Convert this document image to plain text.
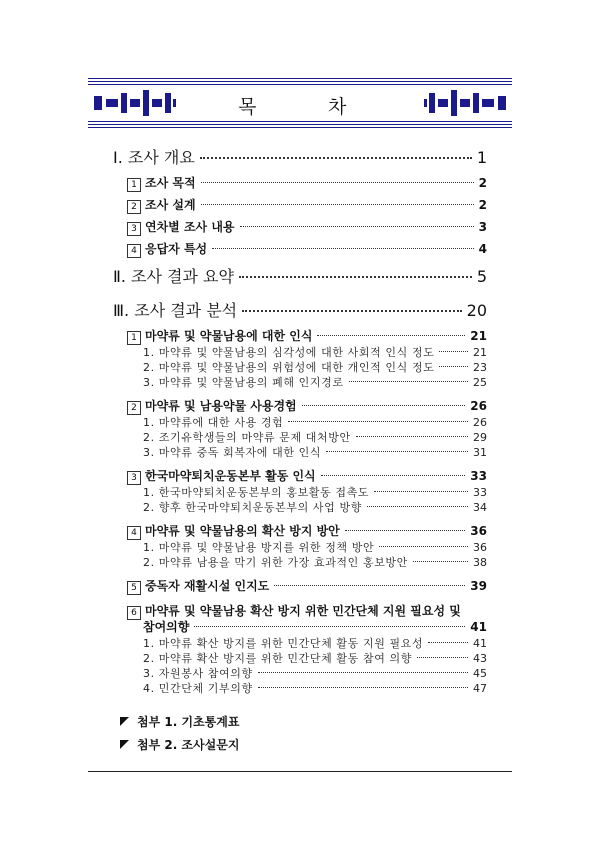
목	차
Ⅰ. 조사 개요	1
1 조사 목적	2
2 조사 설계	2
3 연차별 조사 내용	3
4 응답자 특성	4
Ⅱ. 조사 결과 요약	5
Ⅲ. 조사 결과 분석	20
1 마약류 및 약물남용에 대한 인식	21
1. 마약류 및 약물남용의 심각성에 대한 사회적 인식 정도	21
2. 마약류 및 약물남용의 위험성에 대한 개인적 인식 정도	23
3. 마약류 및 약물남용의 폐해 인지경로	25
2 마약류 및 남용약물 사용경험	26
1. 마약류에 대한 사용 경험	26
2. 조기유학생들의 마약류 문제 대처방안	29
3. 마약류 중독 회복자에 대한 인식	31
3 한국마약퇴치운동본부 활동 인식	33
1. 한국마약퇴치운동본부의 홍보활동 접촉도	33
2. 향후 한국마약퇴치운동본부의 사업 방향	34
4 마약류 및 약물남용의 확산 방지 방안	36
1. 마약류 및 약물남용 방지를 위한 정책 방안	36
2. 마약류 남용을 막기 위한 가장 효과적인 홍보방안	38
5 중독자 재활시설 인지도	39
6 마약류 및 약물남용 확산 방지 위한 민간단체 지원 필요성 및
참여의향	41
1. 마약류 확산 방지를 위한 민간단체 활동 지원 필요성	41
2. 마약류 확산 방지를 위한 민간단체 활동 참여 의향	43
3. 자원봉사 참여의향	45
4. 민간단체 기부의향	47
첨부 1. 기초통계표
첨부 2. 조사설문지
